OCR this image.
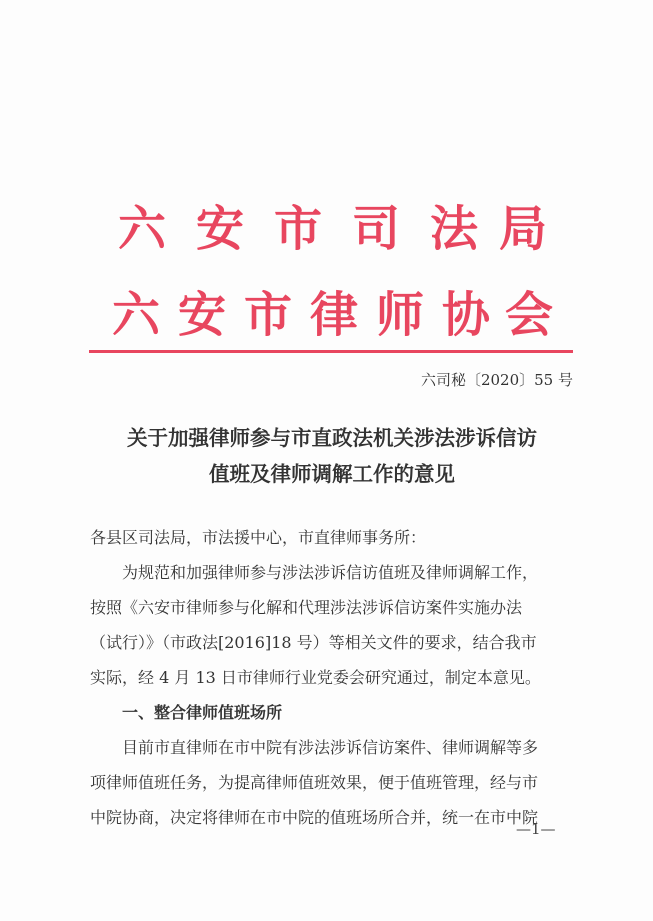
六 安 市 司 法 局
六 安 市 律 师 协 会
六司秘〔2020〕55 号
关于加强律师参与市直政法机关涉法涉诉信访
值班及律师调解工作的意见

各县区司法局，市法援中心，市直律师事务所：

为规范和加强律师参与涉法涉诉信访值班及律师调解工作，

按照《六安市律师参与化解和代理涉法涉诉信访案件实施办法

（试行）》（市政法[2016]18 号）等相关文件的要求，结合我市

实际，经 4 月 13 日市律师行业党委会研究通过，制定本意见。

一、整合律师值班场所

目前市直律师在市中院有涉法涉诉信访案件、律师调解等多

项律师值班任务，为提高律师值班效果，便于值班管理，经与市

中院协商，决定将律师在市中院的值班场所合并，统一在市中院

—1—
